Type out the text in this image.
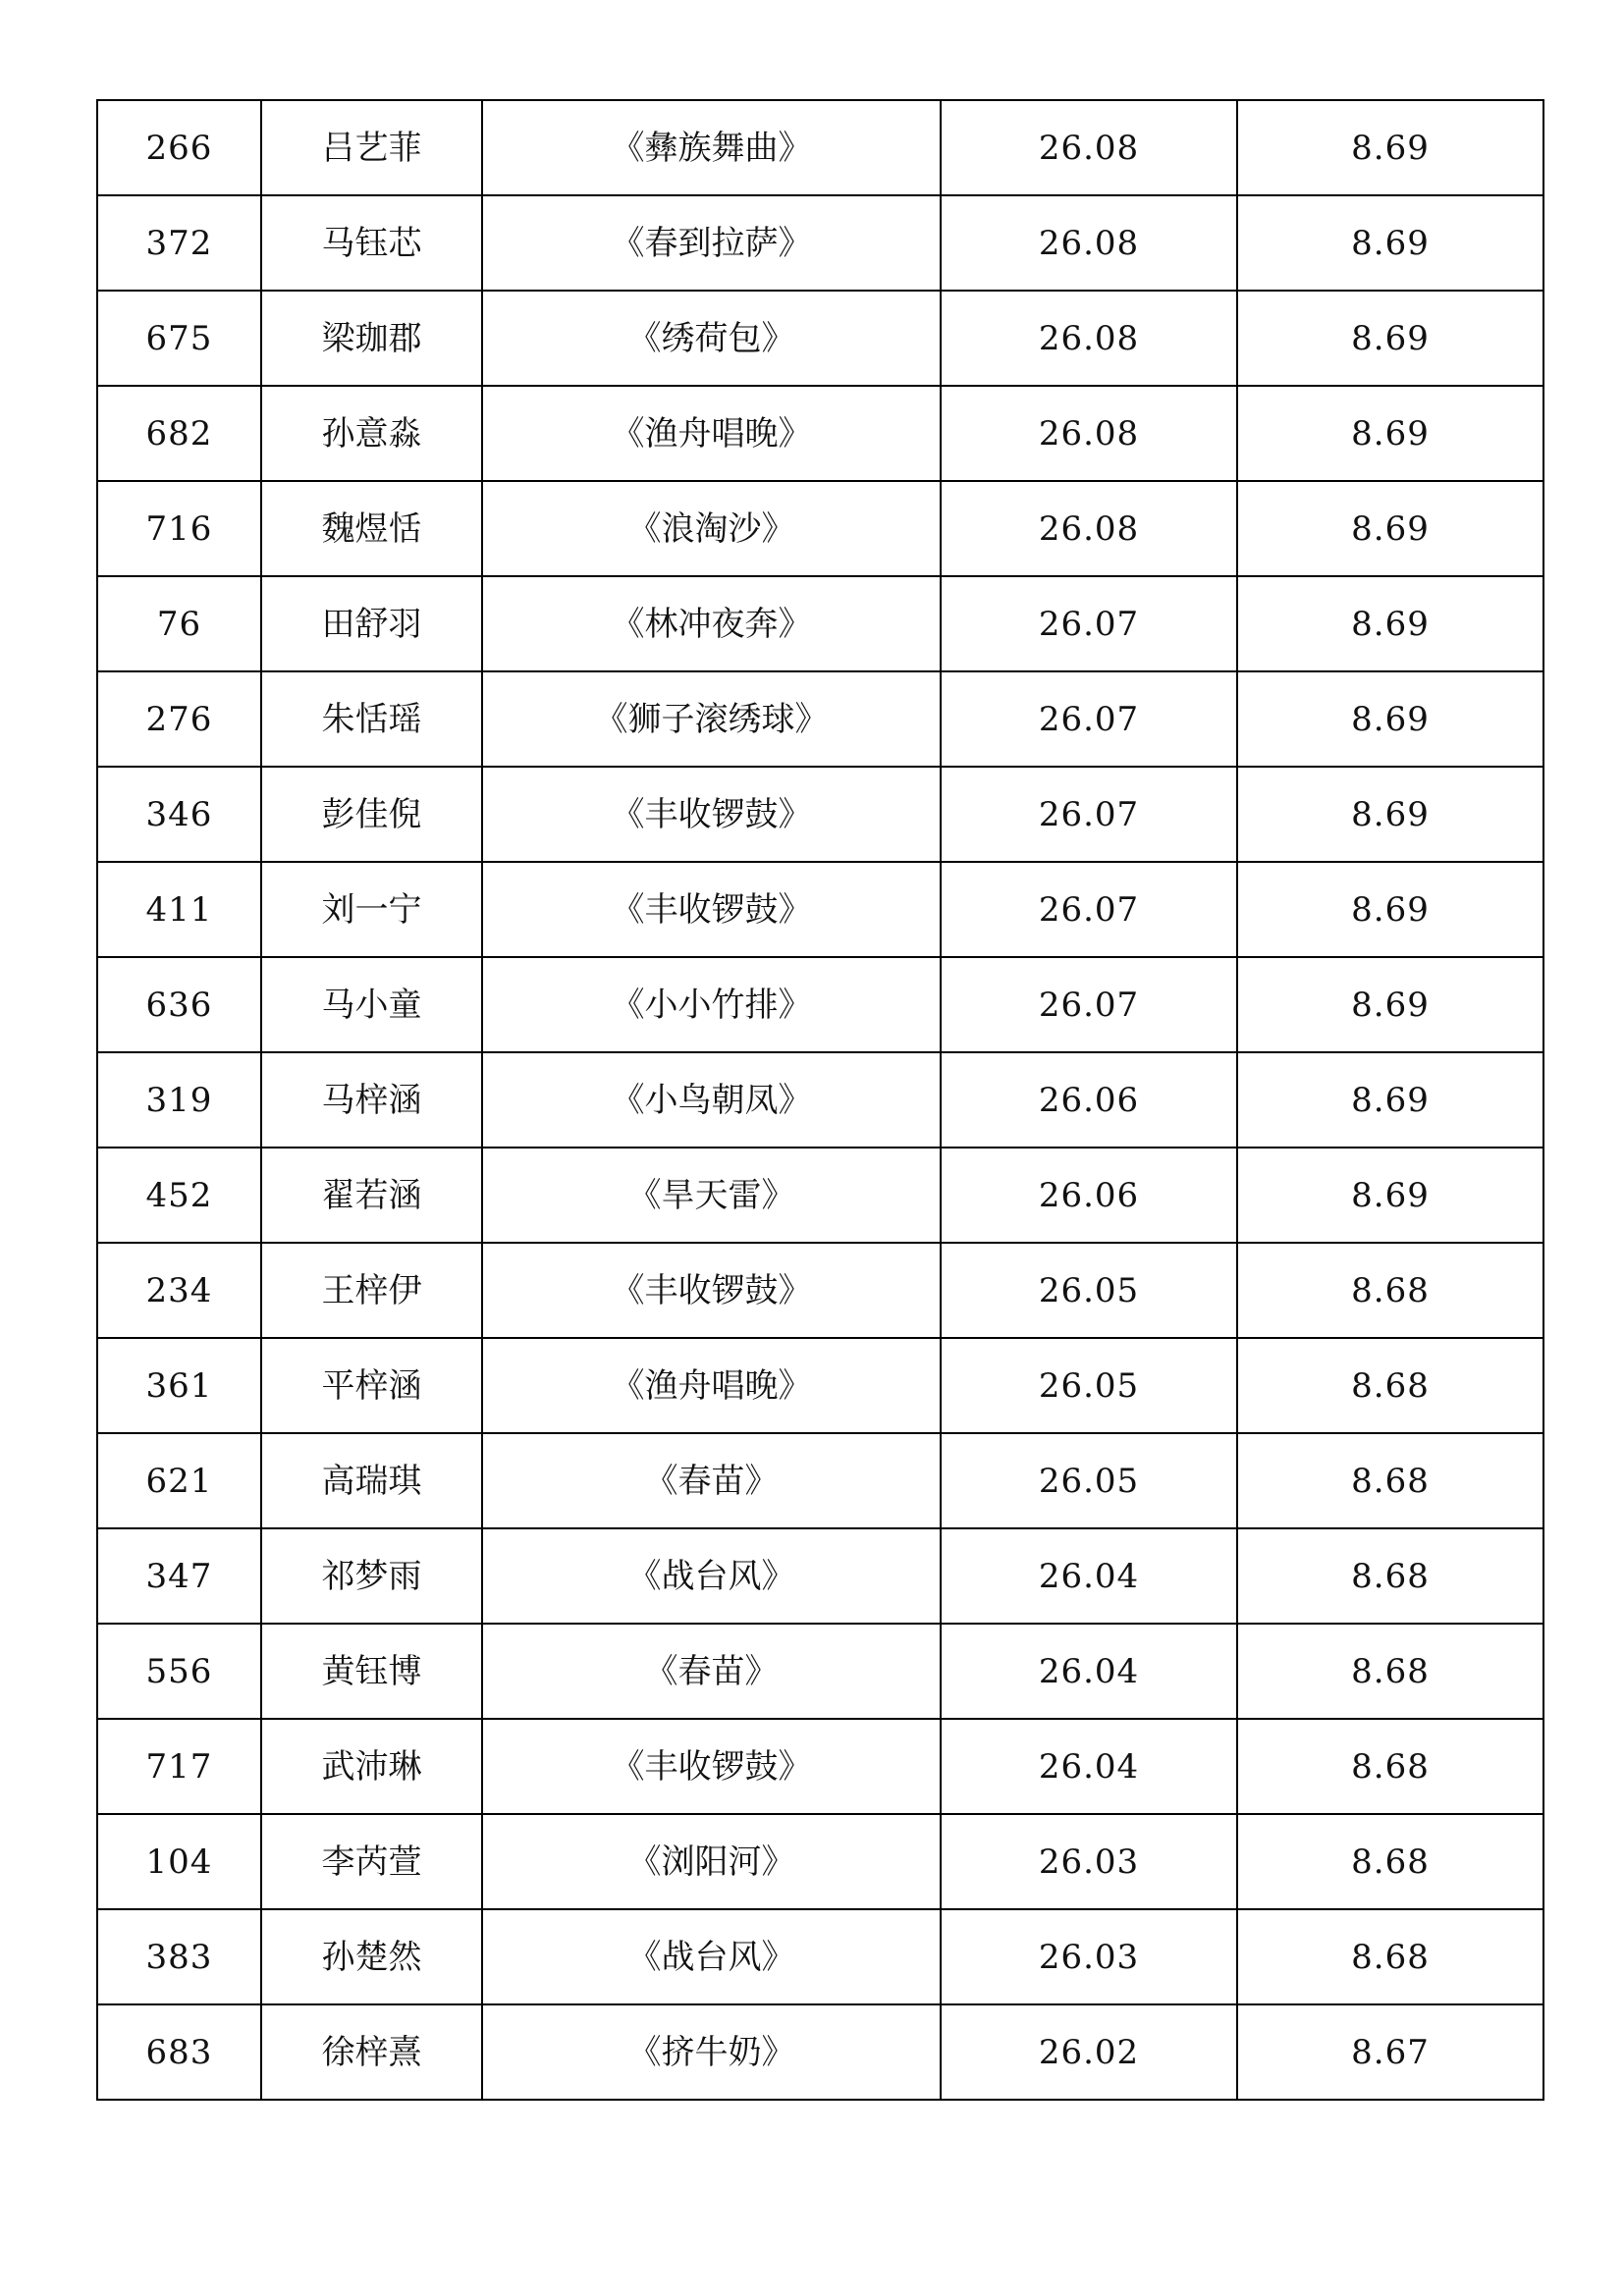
266	吕艺菲	《彝族舞曲》	26.08	8.69
372	马钰芯	《春到拉萨》	26.08	8.69
675	梁珈郡	《绣荷包》	26.08	8.69
682	孙意淼	《渔舟唱晚》	26.08	8.69
716	魏煜恬	《浪淘沙》	26.08	8.69
76	田舒羽	《林冲夜奔》	26.07	8.69
276	朱恬瑶	《狮子滚绣球》	26.07	8.69
346	彭佳倪	《丰收锣鼓》	26.07	8.69
411	刘一宁	《丰收锣鼓》	26.07	8.69
636	马小童	《小小竹排》	26.07	8.69
319	马梓涵	《小鸟朝凤》	26.06	8.69
452	翟若涵	《旱天雷》	26.06	8.69
234	王梓伊	《丰收锣鼓》	26.05	8.68
361	平梓涵	《渔舟唱晚》	26.05	8.68
621	高瑞琪	《春苗》	26.05	8.68
347	祁梦雨	《战台风》	26.04	8.68
556	黄钰博	《春苗》	26.04	8.68
717	武沛琳	《丰收锣鼓》	26.04	8.68
104	李芮萱	《浏阳河》	26.03	8.68
383	孙楚然	《战台风》	26.03	8.68
683	徐梓熹	《挤牛奶》	26.02	8.67
